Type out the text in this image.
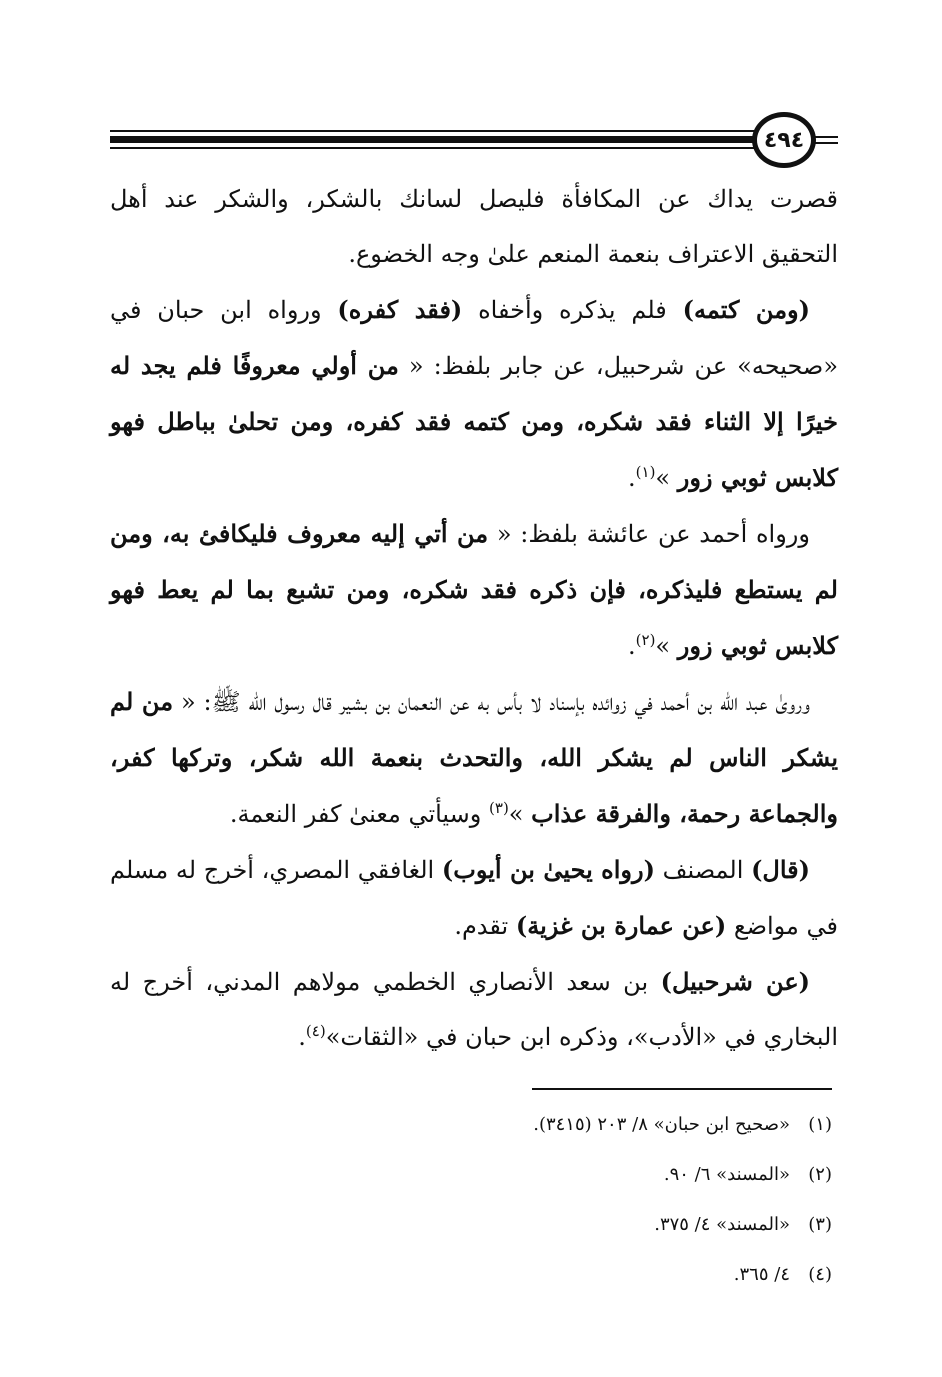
٤٩٤

قصرت يداك عن المكافأة فليصل لسانك بالشكر، والشكر عند أهل التحقيق الاعتراف بنعمة المنعم علىٰ وجه الخضوع.

(ومن كتمه) فلم يذكره وأخفاه (فقد كفره) ورواه ابن حبان في «صحيحه» عن شرحبيل، عن جابر بلفظ: « من أولي معروفًا فلم يجد له خيرًا إلا الثناء فقد شكره، ومن كتمه فقد كفره، ومن تحلىٰ بباطل فهو كلابس ثوبي زور »$^{(١)}$.

ورواه أحمد عن عائشة بلفظ: « من أتي إليه معروف فليكافئ به، ومن لم يستطع فليذكره، فإن ذكره فقد شكره، ومن تشبع بما لم يعط فهو كلابس ثوبي زور »$^{(٢)}$.

ورویٰ عبد الله بن أحمد في زوائده بإسناد لا بأس به عن النعمان بن بشير قال رسول الله ﷺ: « من لم يشكر الناس لم يشكر الله، والتحدث بنعمة الله شكر، وتركها كفر، والجماعة رحمة، والفرقة عذاب »$^{(٣)}$ وسيأتي معنىٰ كفر النعمة.

(قال) المصنف (رواه يحيىٰ بن أيوب) الغافقي المصري، أخرج له مسلم في مواضع (عن عمارة بن غزية) تقدم.

(عن شرحبيل) بن سعد الأنصاري الخطمي مولاهم المدني، أخرج له البخاري في «الأدب»، وذكره ابن حبان في «الثقات»$^{(٤)}$.

(١)«صحيح ابن حبان» ٨/ ٢٠٣ (٣٤١٥).
(٢)«المسند» ٦/ ٩٠.
(٣)«المسند» ٤/ ٣٧٥.
(٤)٤/ ٣٦٥.
